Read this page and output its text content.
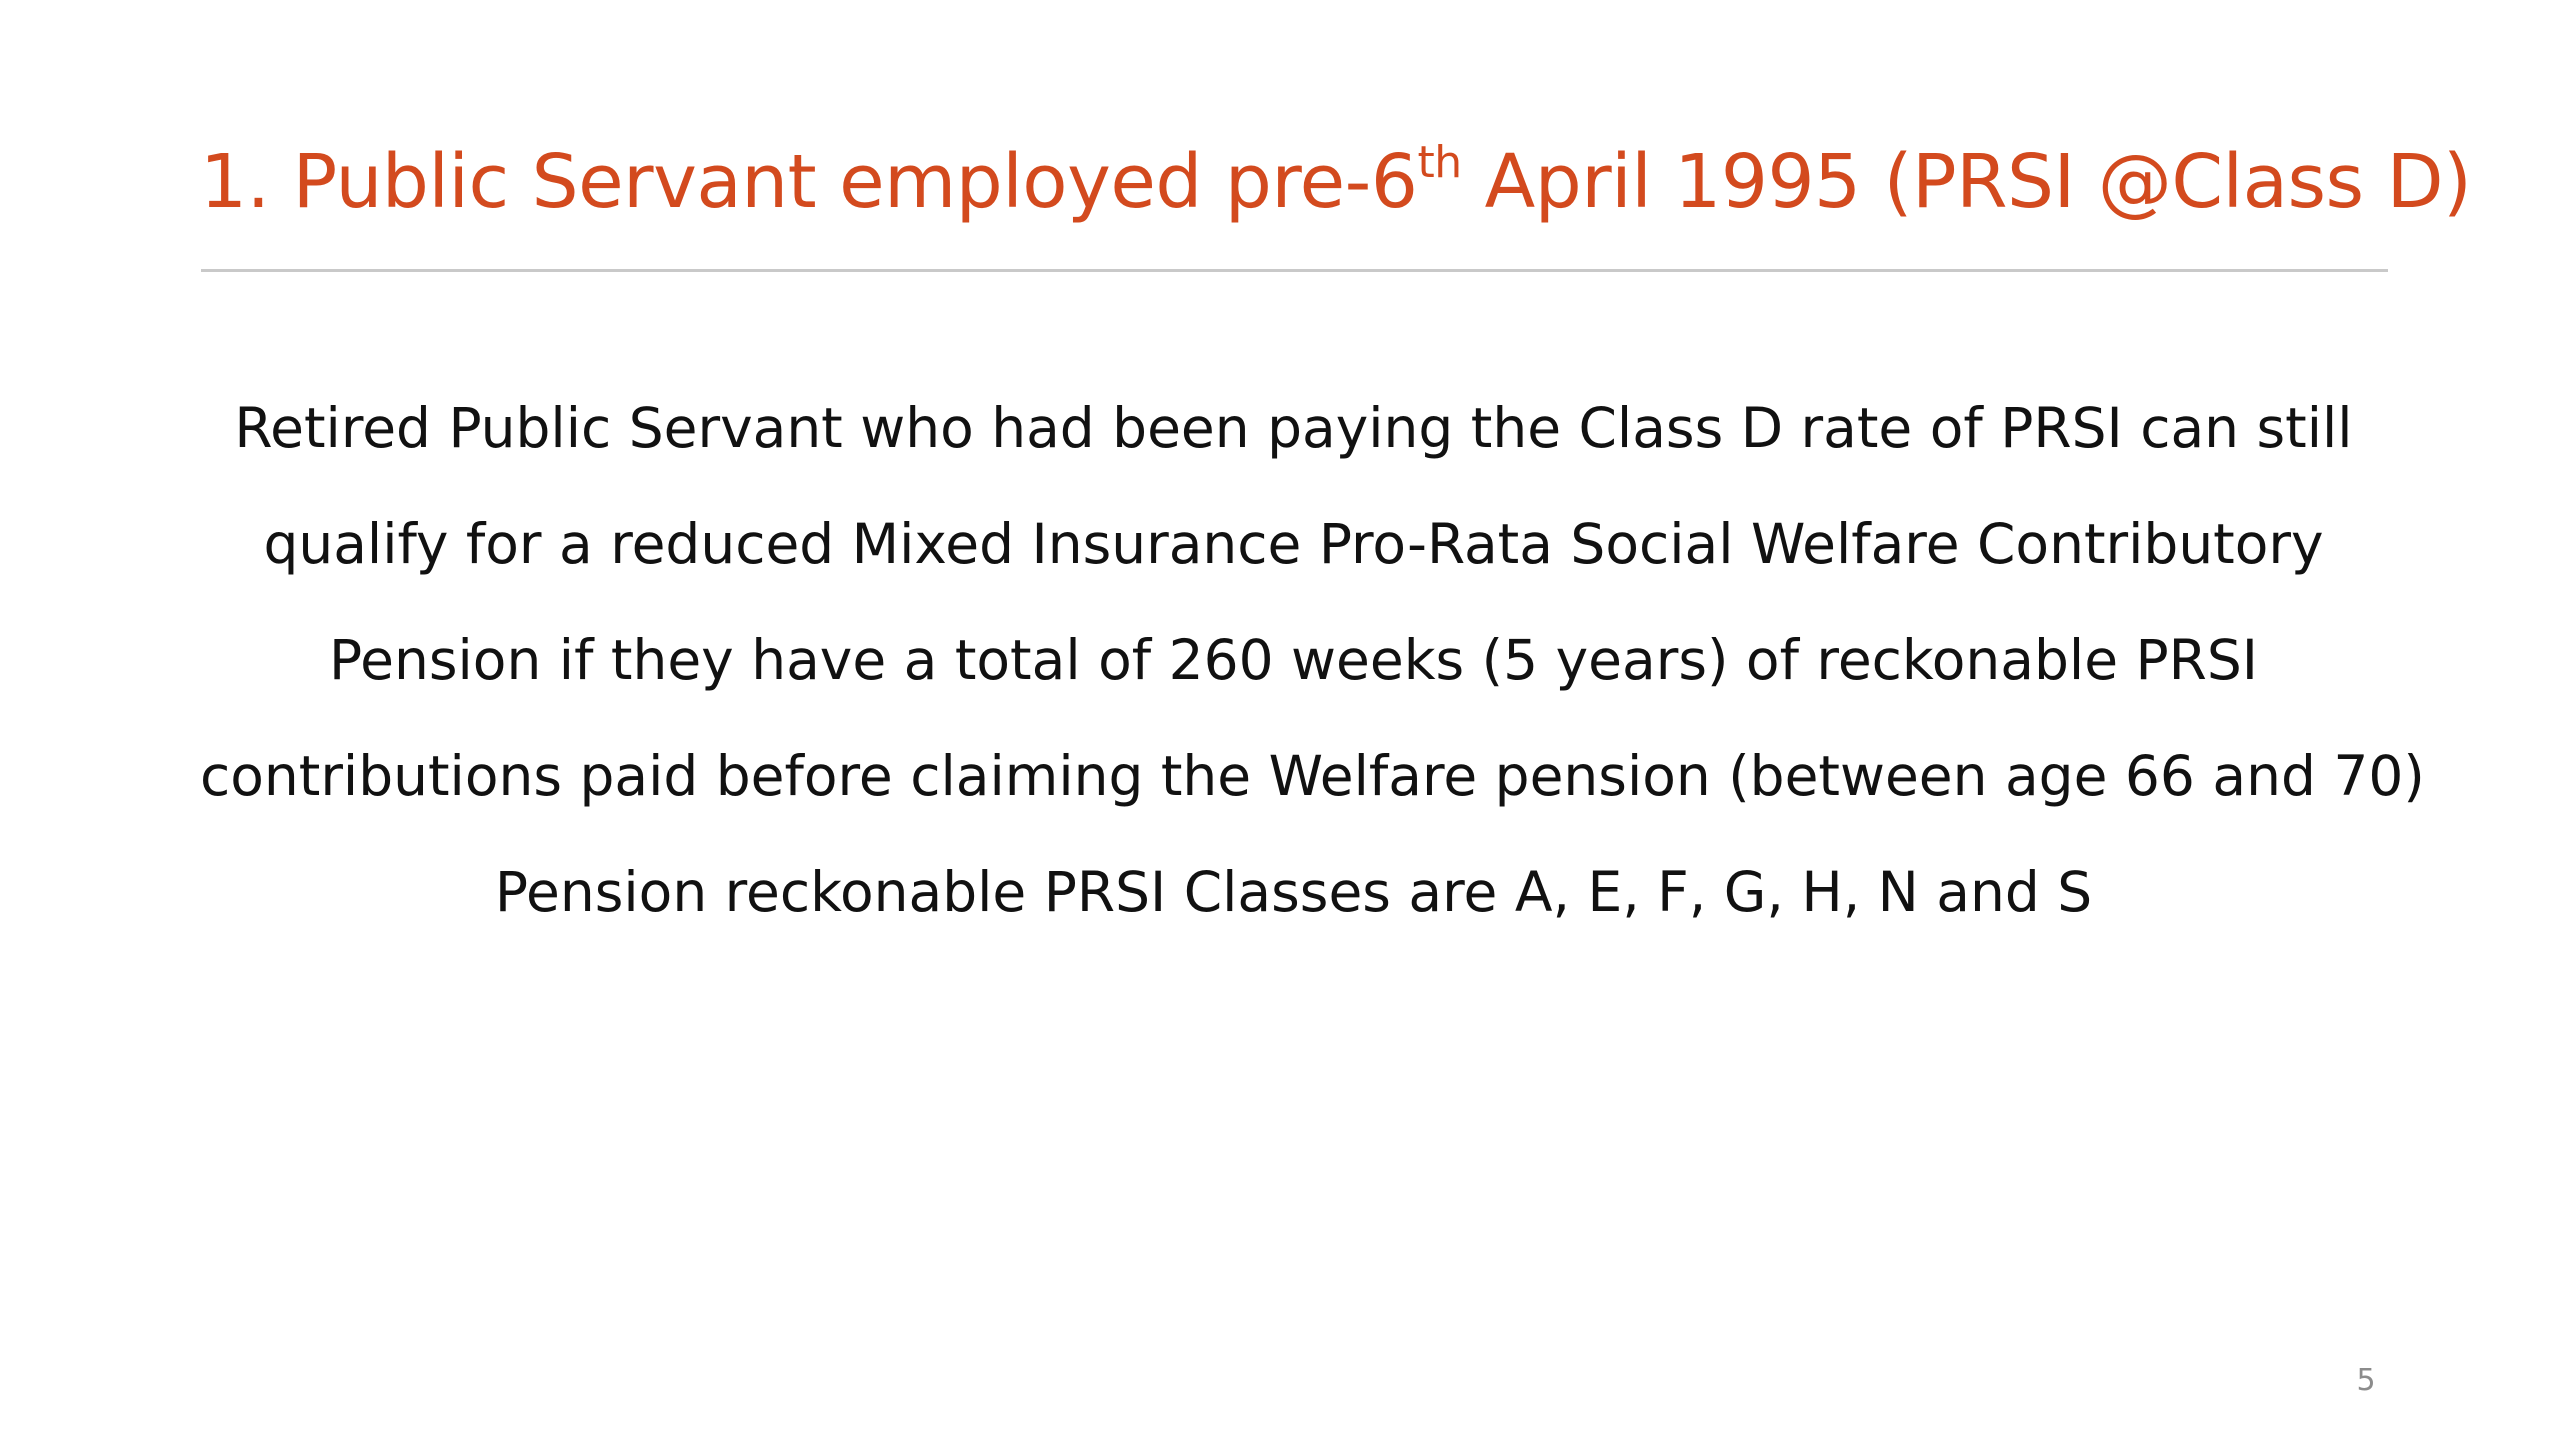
1. Public Servant employed pre-6th April 1995 (PRSI @Class D)
Retired Public Servant who had been paying the Class D rate of PRSI can still
qualify for a reduced Mixed Insurance Pro-Rata Social Welfare Contributory
Pension if they have a total of 260 weeks (5 years) of reckonable PRSI
contributions paid before claiming the Welfare pension (between age 66 and 70)
Pension reckonable PRSI Classes are A, E, F, G, H, N and S
5
